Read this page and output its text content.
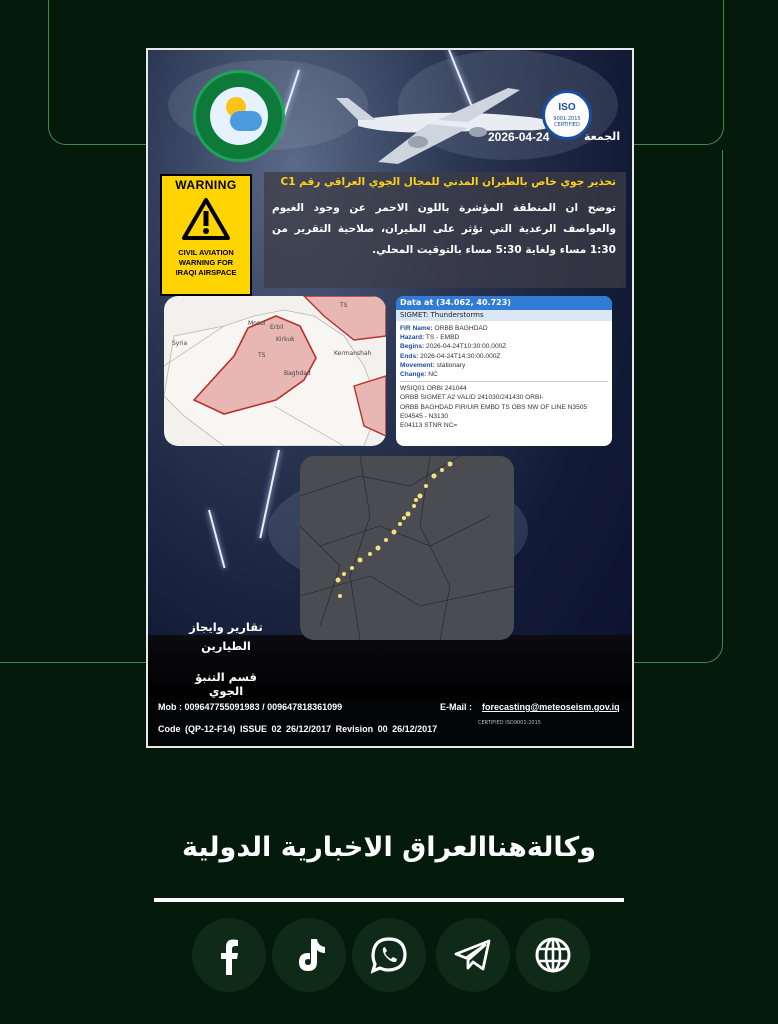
ISO
9001:2015 CERTIFIED
2026-04-24	الجمعة
WARNING
CIVIL AVIATION
WARNING FOR
IRAQI AIRSPACE
تحذير جوي خاص بالطيران المدني للمجال الجوي العراقي رقم C1
توضح ان المنطقة المؤشرة باللون الاحمر عن وجود الغيوم والعواصف الرعدية التي تؤثر على الطيران، صلاحية التقرير من 1:30 مساء ولغاية 5:30 مساء بالتوقيت المحلي.
TS
TS
Baghdad
Kermanshah
Mosul
Kirkuk
Erbil
Syria
Data at (34.062, 40.723)
SIGMET: Thunderstorms
FIR Name: ORBB BAGHDAD
Hazard: TS - EMBD
Begins: 2026-04-24T10:30:00.000Z
Ends: 2026-04-24T14:30:00.000Z
Movement: stationary
Change: NC
WSIQ01 ORBI 241044
ORBB SIGMET A2 VALID 241030/241430 ORBI-
ORBB BAGHDAD FIR/UIR EMBD TS OBS NW OF LINE N3505
E04545 - N3130
E04113 STNR NC=
تقارير وايجاز
الطيارين
قسم التنبؤ الجوي
Mob : 009647755091983 / 009647818361099	E-Mail : forecasting@meteoseism.gov.iq
Code (QP-12-F14) ISSUE 02 26/12/2017 Revision 00 26/12/2017
CERTIFIED ISO9001:2015
وكالةهناالعراق الاخبارية الدولية
